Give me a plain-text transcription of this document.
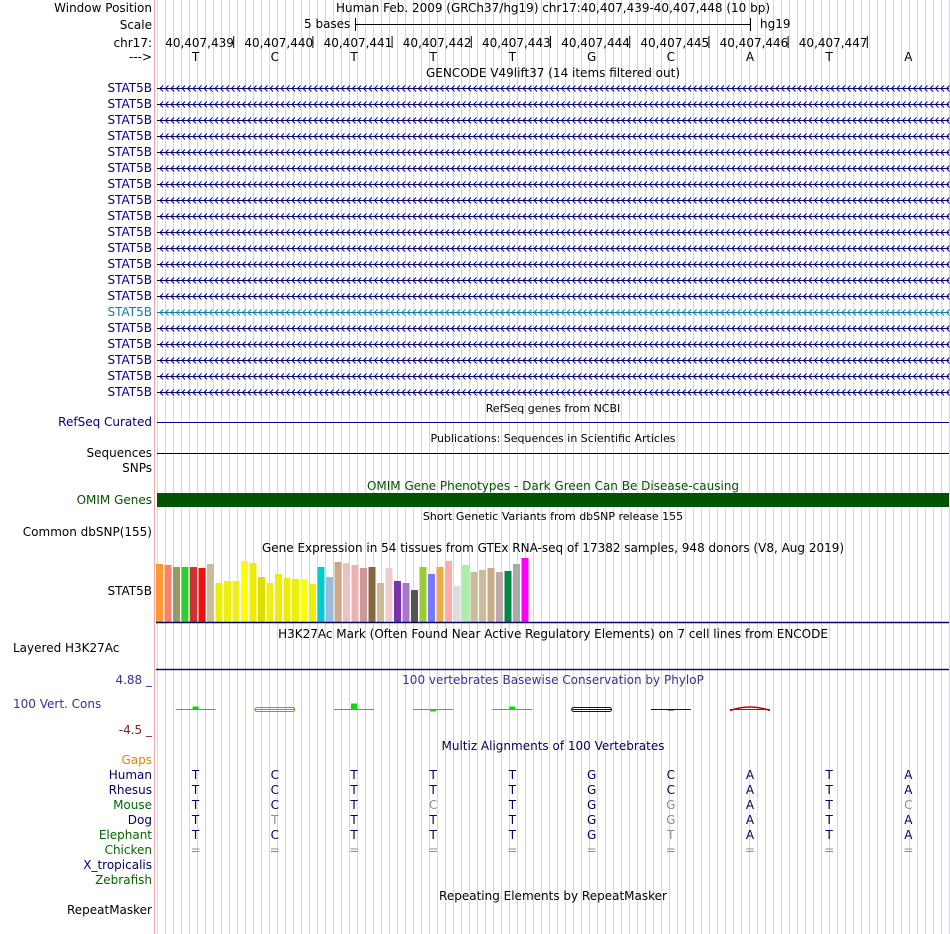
Window Position	Human Feb. 2009 (GRCh37/hg19) chr17:40,407,439-40,407,448 (10 bp)
Scale	5 bases	hg19
chr17: 40,407,439 40,407,440 40,407,441 40,407,442 40,407,443 40,407,444 40,407,445 40,407,446 40,407,447
--->	T	C	T	T	T	G	C	A	T	A
GENCODE V49lift37 (14 items filtered out)
STAT5B
STAT5B
STAT5B
STAT5B
STAT5B
STAT5B
STAT5B
STAT5B
STAT5B
STAT5B
STAT5B
STAT5B
STAT5B
STAT5B
STAT5B
STAT5B
STAT5B
STAT5B
STAT5B
STAT5B
RefSeq genes from NCBI
RefSeq Curated
Publications: Sequences in Scientific Articles
Sequences
SNPs
OMIM Gene Phenotypes - Dark Green Can Be Disease-causing
OMIM Genes
Short Genetic Variants from dbSNP release 155
Common dbSNP(155)
Gene Expression in 54 tissues from GTEx RNA-seq of 17382 samples, 948 donors (V8, Aug 2019)
STAT5B
H3K27Ac Mark (Often Found Near Active Regulatory Elements) on 7 cell lines from ENCODE
Layered H3K27Ac
100 vertebrates Basewise Conservation by PhyloP
4.88 _
100 Vert. Cons
-4.5 _
Multiz Alignments of 100 Vertebrates
Gaps
Human	T	C	T	T	T	G	C	A	T	A
Rhesus	T	C	T	T	T	G	C	A	T	A
Mouse	T	C	T	C	T	G	G	A	T	C
Dog	T	T	T	T	T	G	G	A	T	A
Elephant	T	C	T	T	T	G	T	A	T	A
Chicken	=	=	=	=	=	=	=	=	=	=
X_tropicalis
Zebrafish
Repeating Elements by RepeatMasker
RepeatMasker
